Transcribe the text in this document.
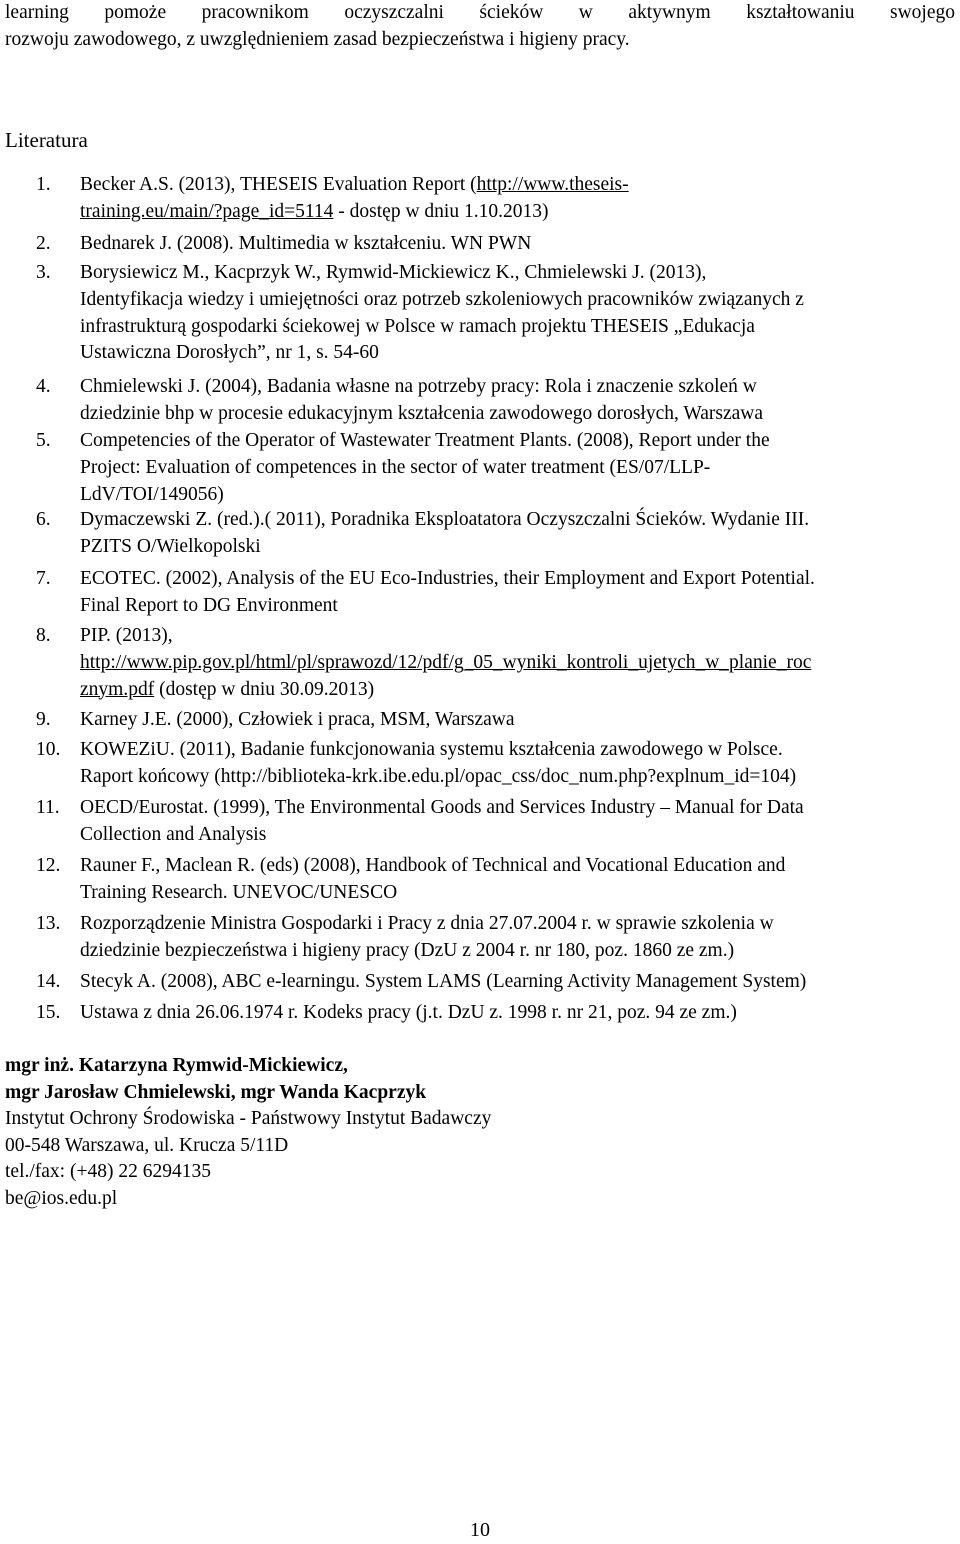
learning pomoże pracownikom oczyszczalni ścieków w aktywnym kształtowaniu swojego

rozwoju zawodowego, z uwzględnieniem zasad bezpieczeństwa i higieny pracy.

Literatura
1.	Becker A.S. (2013), THESEIS Evaluation Report (http://www.theseis-
training.eu/main/?page_id=5114 - dostęp w dniu 1.10.2013)
2.	Bednarek J. (2008). Multimedia w kształceniu. WN PWN
3.	Borysiewicz M., Kacprzyk W., Rymwid-Mickiewicz K., Chmielewski J. (2013),
Identyfikacja wiedzy i umiejętności oraz potrzeb szkoleniowych pracowników związanych z
infrastrukturą gospodarki ściekowej w Polsce w ramach projektu THESEIS „Edukacja
Ustawiczna Dorosłych”, nr 1, s. 54-60
4.	Chmielewski J. (2004), Badania własne na potrzeby pracy: Rola i znaczenie szkoleń w
dziedzinie bhp w procesie edukacyjnym kształcenia zawodowego dorosłych, Warszawa
5.	Competencies of the Operator of Wastewater Treatment Plants. (2008), Report under the
Project: Evaluation of competences in the sector of water treatment (ES/07/LLP-
LdV/TOI/149056)
6.	Dymaczewski Z. (red.).( 2011), Poradnika Eksploatatora Oczyszczalni Ścieków. Wydanie III.
PZITS O/Wielkopolski
7.	ECOTEC. (2002), Analysis of the EU Eco-Industries, their Employment and Export Potential.
Final Report to DG Environment
8.	PIP. (2013),
http://www.pip.gov.pl/html/pl/sprawozd/12/pdf/g_05_wyniki_kontroli_ujetych_w_planie_roc
znym.pdf (dostęp w dniu 30.09.2013)
9.	Karney J.E. (2000), Człowiek i praca, MSM, Warszawa
10.	KOWEZiU. (2011), Badanie funkcjonowania systemu kształcenia zawodowego w Polsce.
Raport końcowy (http://biblioteka-krk.ibe.edu.pl/opac_css/doc_num.php?explnum_id=104)
11.	OECD/Eurostat. (1999), The Environmental Goods and Services Industry – Manual for Data
Collection and Analysis
12.	Rauner F., Maclean R. (eds) (2008), Handbook of Technical and Vocational Education and
Training Research. UNEVOC/UNESCO
13.	Rozporządzenie Ministra Gospodarki i Pracy z dnia 27.07.2004 r. w sprawie szkolenia w
dziedzinie bezpieczeństwa i higieny pracy (DzU z 2004 r. nr 180, poz. 1860 ze zm.)
14.	Stecyk A. (2008), ABC e-learningu. System LAMS (Learning Activity Management System)
15.	Ustawa z dnia 26.06.1974 r. Kodeks pracy (j.t. DzU z. 1998 r. nr 21, poz. 94 ze zm.)
mgr inż. Katarzyna Rymwid-Mickiewicz,
mgr Jarosław Chmielewski, mgr Wanda Kacprzyk
Instytut Ochrony Środowiska - Państwowy Instytut Badawczy
00-548 Warszawa, ul. Krucza 5/11D
tel./fax: (+48) 22 6294135
be@ios.edu.pl
10
